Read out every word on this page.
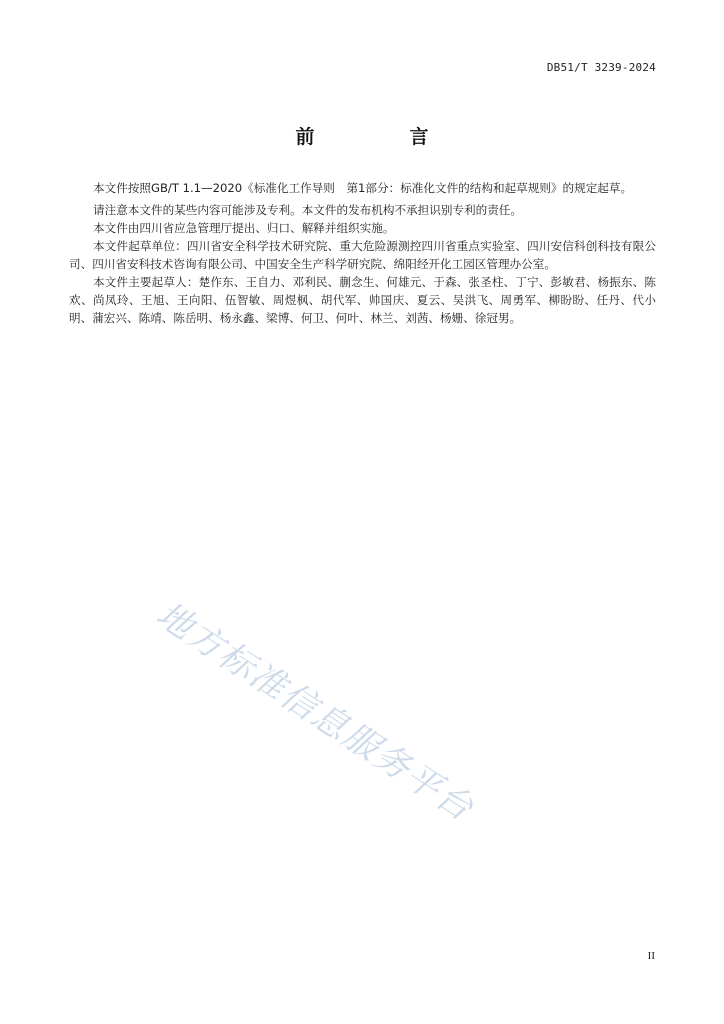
DB51/T 3239-2024
前　言

本文件按照GB/T 1.1—2020《标准化工作导则　第1部分：标准化文件的结构和起草规则》的规定起草。

请注意本文件的某些内容可能涉及专利。本文件的发布机构不承担识别专利的责任。

本文件由四川省应急管理厅提出、归口、解释并组织实施。

本文件起草单位：四川省安全科学技术研究院、重大危险源测控四川省重点实验室、四川安信科创科技有限公司、四川省安科技术咨询有限公司、中国安全生产科学研究院、绵阳经开化工园区管理办公室。

本文件主要起草人：楚作东、王自力、邓利民、蒯念生、何雄元、于森、张圣柱、丁宁、彭敏君、杨振东、陈欢、尚凤玲、王旭、王向阳、伍智敏、周煜枫、胡代军、帅国庆、夏云、吴洪飞、周勇军、柳盼盼、任丹、代小明、蒲宏兴、陈靖、陈岳明、杨永鑫、梁博、何卫、何叶、林兰、刘茜、杨姗、徐冠男。

地方标准信息服务平台
II
